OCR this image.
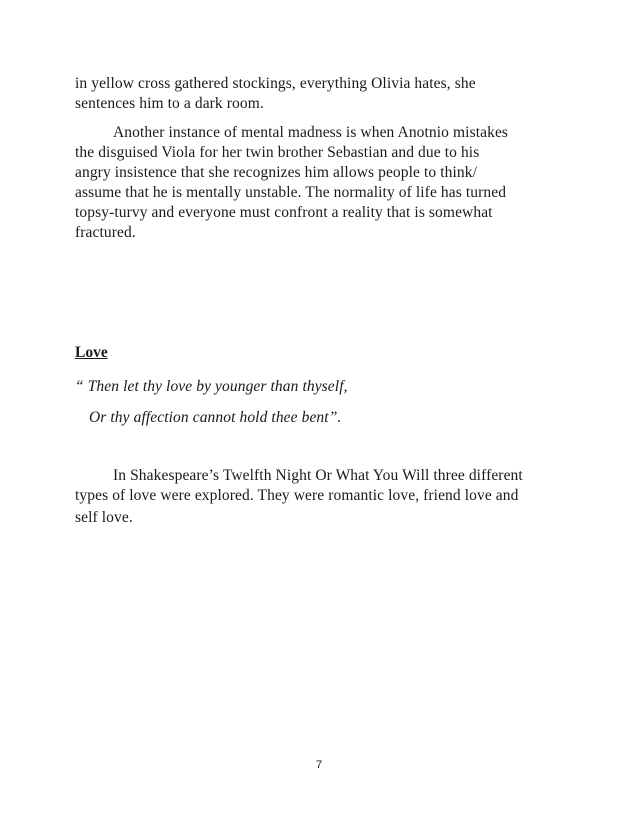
in yellow cross gathered stockings, everything Olivia hates, she
sentences him to a dark room.
Another instance of mental madness is when Anotnio mistakes
the disguised Viola for her twin brother Sebastian and due to his
angry insistence that she recognizes him allows people to think/
assume that he is mentally unstable. The normality of life has turned
topsy-turvy and everyone must confront a reality that is somewhat
fractured.
Love
“ Then let thy love by younger than thyself,
Or thy affection cannot hold thee bent”.
In Shakespeare’s Twelfth Night Or What You Will three different
types of love were explored. They were romantic love, friend love and
self love.
7
